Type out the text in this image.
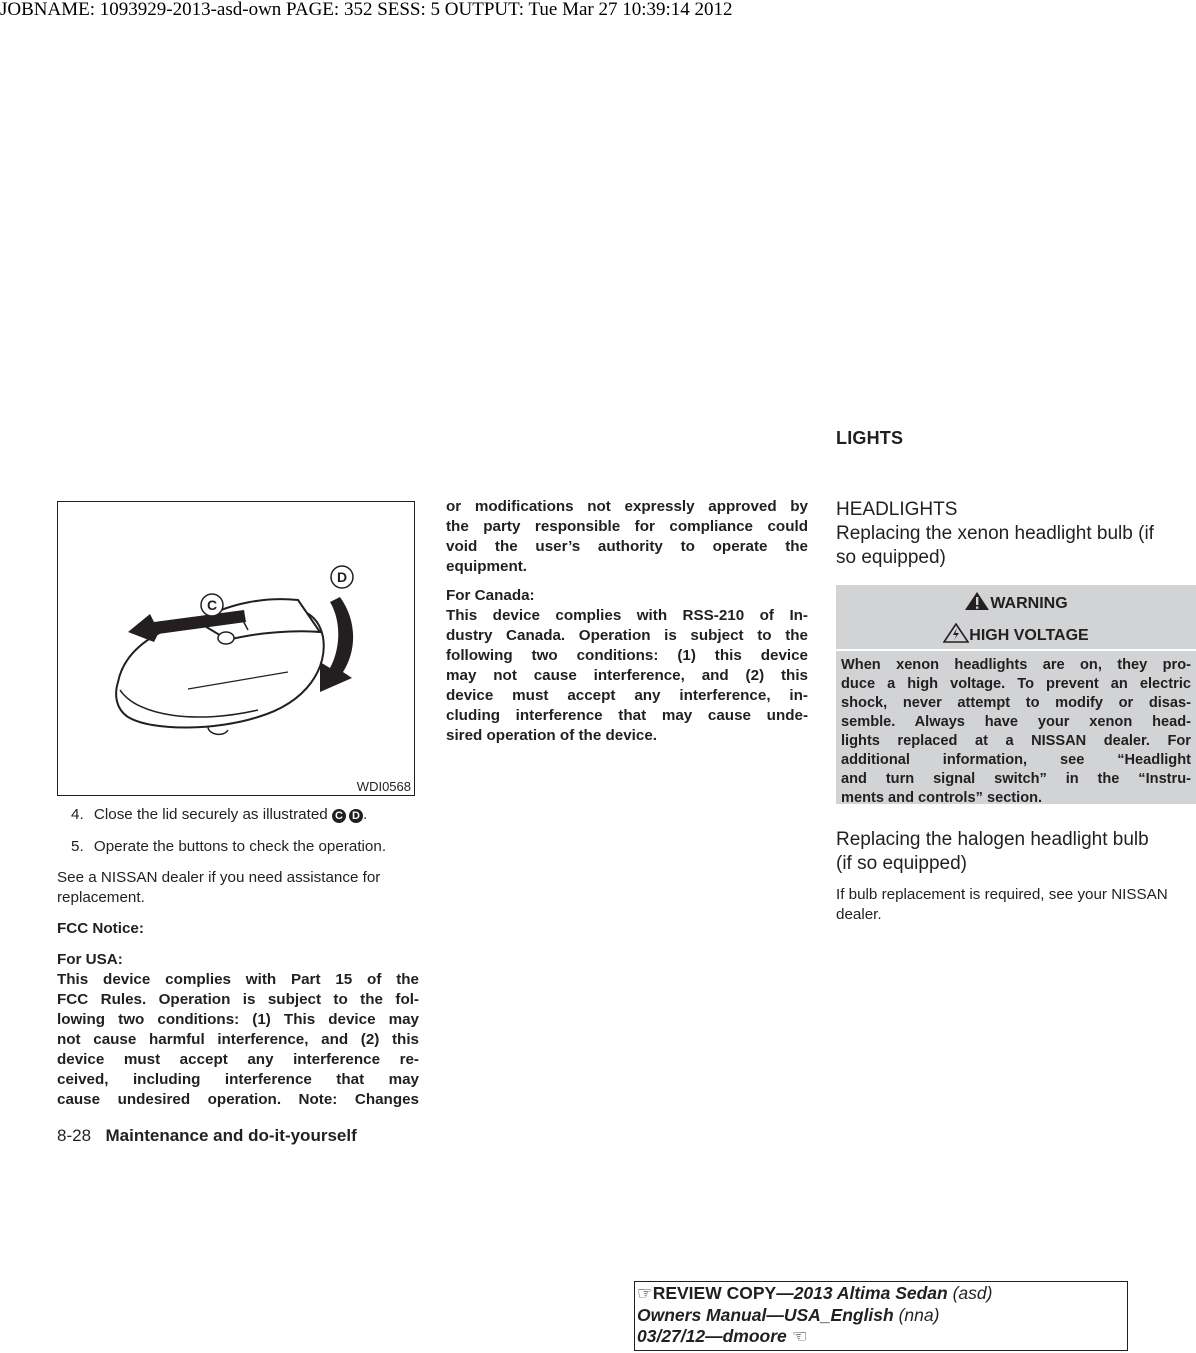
JOBNAME: 1093929-2013-asd-own PAGE: 352 SESS: 5 OUTPUT: Tue Mar 27 10:39:14 2012
LIGHTS
C
D
WDI0568
4. Close the lid securely as illustrated C D .
5. Operate the buttons to check the operation.
See a NISSAN dealer if you need assistance for
replacement.
FCC Notice:
For USA:
This device complies with Part 15 of the
FCC Rules. Operation is subject to the fol-
lowing two conditions: (1) This device may
not cause harmful interference, and (2) this
device must accept any interference re-
ceived, including interference that may
cause undesired operation. Note: Changes
8-28 Maintenance and do-it-yourself
or modifications not expressly approved by
the party responsible for compliance could
void the user’s authority to operate the
equipment.
For Canada:
This device complies with RSS-210 of In-
dustry Canada. Operation is subject to the
following two conditions: (1) this device
may not cause interference, and (2) this
device must accept any interference, in-
cluding interference that may cause unde-
sired operation of the device.
HEADLIGHTS
Replacing the xenon headlight bulb (if
so equipped)
WARNING
HIGH VOLTAGE
When xenon headlights are on, they pro-
duce a high voltage. To prevent an electric
shock, never attempt to modify or disas-
semble. Always have your xenon head-
lights replaced at a NISSAN dealer. For
additional information, see “Headlight
and turn signal switch” in the “Instru-
ments and controls” section.
Replacing the halogen headlight bulb
(if so equipped)
If bulb replacement is required, see your NISSAN
dealer.
☞REVIEW COPY—2013 Altima Sedan (asd)
Owners Manual—USA_English (nna)
03/27/12—dmoore ☜
